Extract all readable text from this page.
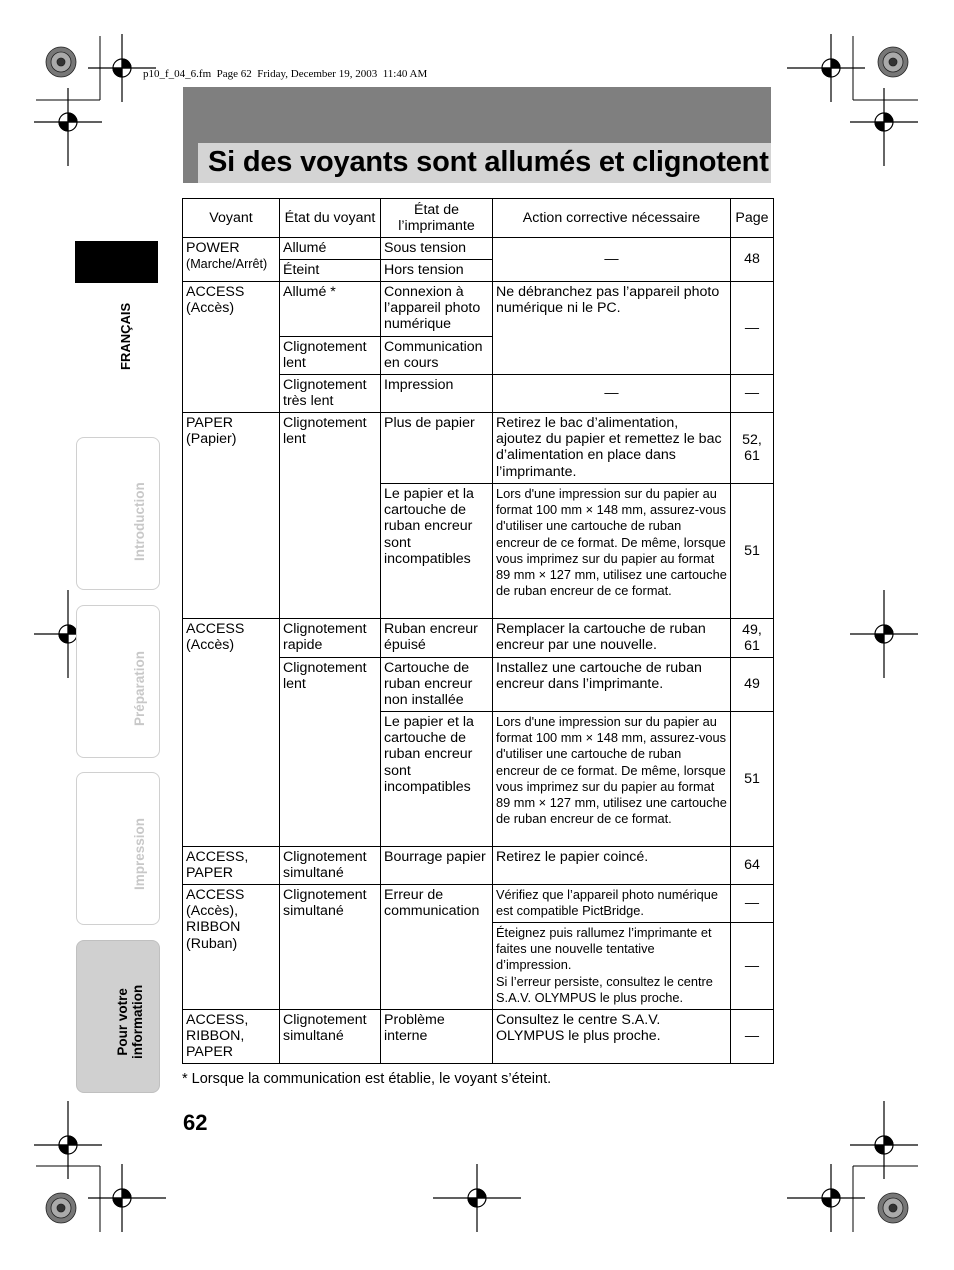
p10_f_04_6.fm  Page 62  Friday, December 19, 2003  11:40 AM
Si des voyants sont allumés et clignotent
FRANÇAIS
Introduction
Préparation
Impression
Pour votre information
Voyant	État du voyant	État de l’imprimante	Action corrective nécessaire	Page

POWER
(Marche/Arrêt)	Allumé	Sous tension	—	48
	Éteint	Hors tension		
ACCESS (Accès)	Allumé *	Connexion à l’appareil photo numérique	Ne débranchez pas l’appareil photo numérique ni le PC.	—
	Clignotement lent	Communication en cours		
	Clignotement très lent	Impression	—	—
PAPER (Papier)	Clignotement lent	Plus de papier	Retirez le bac d’alimentation, ajoutez du papier et remettez le bac d’alimentation en place dans l’imprimante.	52, 61
		Le papier et la cartouche de ruban encreur sont incompatibles	Lors d'une impression sur du papier au format 100 mm × 148 mm, assurez-vous d'utiliser une cartouche de ruban encreur de ce format. De même, lorsque vous imprimez sur du papier au format 89 mm × 127 mm, utilisez une cartouche de ruban encreur de ce format.	51
ACCESS (Accès)	Clignotement rapide	Ruban encreur épuisé	Remplacer la cartouche de ruban encreur par une nouvelle.	49, 61
	Clignotement lent	Cartouche de ruban encreur non installée	Installez une cartouche de ruban encreur dans l’imprimante.	49
		Le papier et la cartouche de ruban encreur sont incompatibles	Lors d'une impression sur du papier au format 100 mm × 148 mm, assurez-vous d'utiliser une cartouche de ruban encreur de ce format. De même, lorsque vous imprimez sur du papier au format 89 mm × 127 mm, utilisez une cartouche de ruban encreur de ce format.	51
ACCESS, PAPER	Clignotement simultané	Bourrage papier	Retirez le papier coincé.	64
ACCESS (Accès), RIBBON (Ruban)	Clignotement simultané	Erreur de communication	Vérifiez que l’appareil photo numérique est compatible PictBridge.	—

			Éteignez puis rallumez l’imprimante et faites une nouvelle tentative d’impression.
Si l’erreur persiste, consultez le centre S.A.V. OLYMPUS le plus proche.	—
ACCESS, RIBBON, PAPER	Clignotement simultané	Problème interne	Consultez le centre S.A.V. OLYMPUS le plus proche.	—
* Lorsque la communication est établie, le voyant s’éteint.
62
